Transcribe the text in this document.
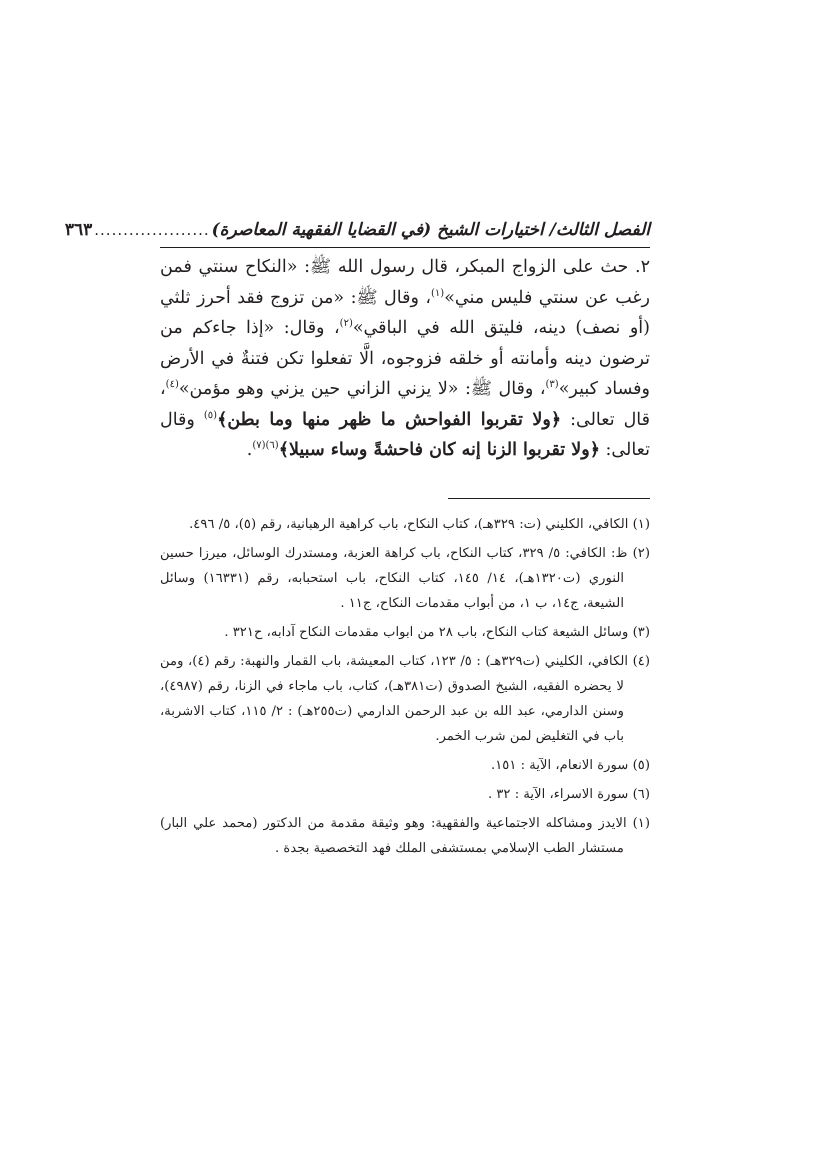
الفصل الثالث/ اختيارات الشيخ (في القضايا الفقهية المعاصرة)
....................
٣٦٣

٢. حث على الزواج المبكر، قال رسول الله ﷺ: «النكاح سنتي فمن رغب عن سنتي فليس مني»$^{(١)}$، وقال ﷺ: «من تزوج فقد أحرز ثلثي (أو نصف) دينه، فليتق الله في الباقي»$^{(٢)}$، وقال: «إذا جاءكم من ترضون دينه وأمانته أو خلقه فزوجوه، الَّا تفعلوا تكن فتنةٌ في الأرض وفساد كبير»$^{(٣)}$، وقال ﷺ: «لا يزني الزاني حين يزني وهو مؤمن»$^{(٤)}$، قال تعالى: ﴿ولا تقربوا الفواحش ما ظهر منها وما بطن﴾$^{(٥)}$ وقال تعالى: ﴿ولا تقربوا الزنا إنه كان فاحشةً وساء سبيلا﴾$^{(٦)(٧)}$.

(١) الكافي، الكليني (ت: ٣٢٩هـ)، كتاب النكاح، باب كراهية الرهبانية، رقم (٥)، ٥/ ٤٩٦.

(٢) ظ: الكافي: ٥/ ٣٢٩، كتاب النكاح، باب كراهة العزبة، ومستدرك الوسائل، ميرزا حسين النوري (ت١٣٢٠هـ)، ١٤/ ١٤٥، كتاب النكاح، باب استحبابه، رقم (١٦٣٣١) وسائل الشيعة، ج١٤، ب ١، من أبواب مقدمات النكاح، ج١١ .

(٣) وسائل الشيعة كتاب النكاح، باب ٢٨ من ابواب مقدمات النكاح آدابه، ح٣٢١ .

(٤) الكافي، الكليني (ت٣٢٩هـ) : ٥/ ١٢٣، كتاب المعيشة، باب القمار والنهبة: رقم (٤)، ومن لا يحضره الفقيه، الشيخ الصدوق (ت٣٨١هـ)، كتاب، باب ماجاء في الزنا، رقم (٤٩٨٧)، وسنن الدارمي، عبد الله بن عبد الرحمن الدارمي (ت٢٥٥هـ) : ٢/ ١١٥، كتاب الاشربة، باب في التغليض لمن شرب الخمر.

(٥) سورة الانعام، الآية : ١٥١.

(٦) سورة الاسراء، الآية : ٣٢ .

(١) الايدز ومشاكله الاجتماعية والفقهية: وهو وثيقة مقدمة من الدكتور (محمد علي البار) مستشار الطب الإسلامي بمستشفى الملك فهد التخصصية بجدة .
